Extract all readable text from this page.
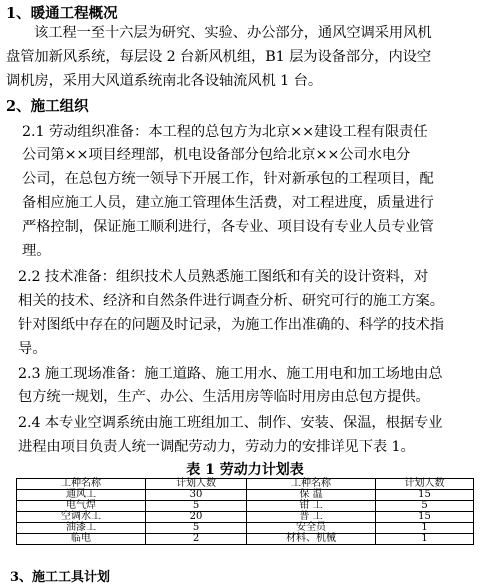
1、暖通工程概况
该工程一至十六层为研究、实验、办公部分，通风空调采用风机
盘管加新风系统，每层设 2 台新风机组，B1 层为设备部分，内设空
调机房，采用大风道系统南北各设轴流风机 1 台。
2、施工组织
2.1 劳动组织准备：本工程的总包方为北京××建设工程有限责任
公司第××项目经理部，机电设备部分包给北京××公司水电分
公司，在总包方统一领导下开展工作，针对新承包的工程项目，配
备相应施工人员，建立施工管理体生活费，对工程进度，质量进行
严格控制，保证施工顺利进行，各专业、项目设有专业人员专业管
理。
2.2 技术准备：组织技术人员熟悉施工图纸和有关的设计资料，对
相关的技术、经济和自然条件进行调查分析、研究可行的施工方案。
针对图纸中存在的问题及时记录，为施工作出准确的、科学的技术指
导。
2.3 施工现场准备：施工道路、施工用水、施工用电和加工场地由总
包方统一规划，生产、办公、生活用房等临时用房由总包方提供。
2.4 本专业空调系统由施工班组加工、制作、安装、保温，根据专业
进程由项目负责人统一调配劳动力，劳动力的安排详见下表 1。
表 1 劳动力计划表
工种名称	计划人数	工种名称	计划人数
通风工	30	保 温	15
电气焊	5	钳 工	5
空调水工	20	普 工	15
油漆工	5	安全员	1
临电	2	材料、机械	1
3、施工工具计划
